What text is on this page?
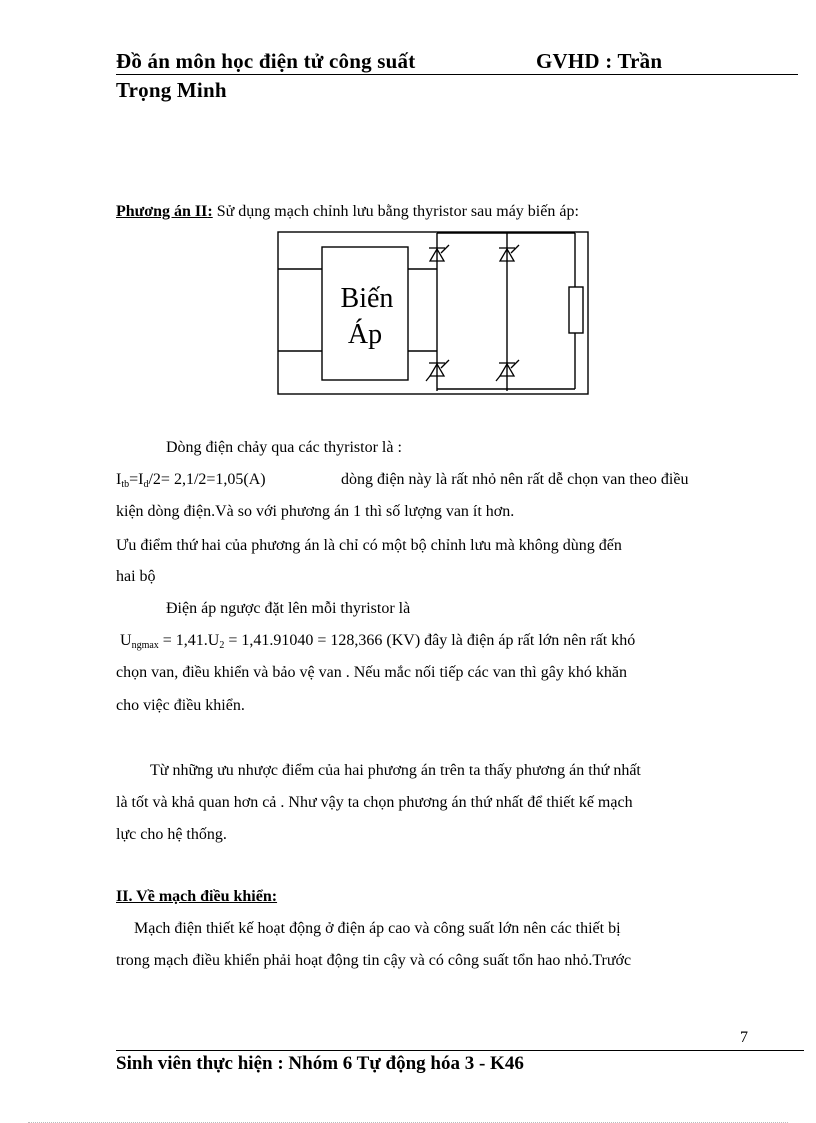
Đồ án môn học điện tử công suất	GVHD : Trần
Trọng Minh
Phương án II: Sử dụng mạch chỉnh lưu bằng thyristor sau máy biến áp:
Biến
Áp
Dòng điện chảy qua các thyristor là :
$I_{tb}=I_d/2= 2,1/2=1,05(A)$	dòng điện này là rất nhỏ nên rất dễ chọn van theo điều
kiện dòng điện.Và so với phương án 1 thì số lượng van ít hơn.
Ưu điểm thứ hai của phương án là chỉ có một bộ chỉnh lưu mà không dùng đến
hai bộ
Điện áp ngược đặt lên mỗi thyristor là
$U_{ngmax} = 1,41.U_2 = 1,41.91040 = 128,366$ (KV) đây là điện áp rất lớn nên rất khó
chọn van, điều khiển và bảo vệ van . Nếu mắc nối tiếp các van thì gây khó khăn
cho việc điều khiển.
Từ những ưu nhược điểm của hai phương án trên ta thấy phương án thứ nhất
là tốt và khả quan hơn cả . Như vậy ta chọn phương án thứ nhất để thiết kế mạch
lực cho hệ thống.
II. Về mạch điều khiển:
Mạch điện thiết kế hoạt động ở điện áp cao và công suất lớn nên các thiết bị
trong mạch điều khiển phải hoạt động tin cậy và có công suất tổn hao nhỏ.Trước
7
Sinh viên thực hiện : Nhóm 6 Tự động hóa 3 - K46
